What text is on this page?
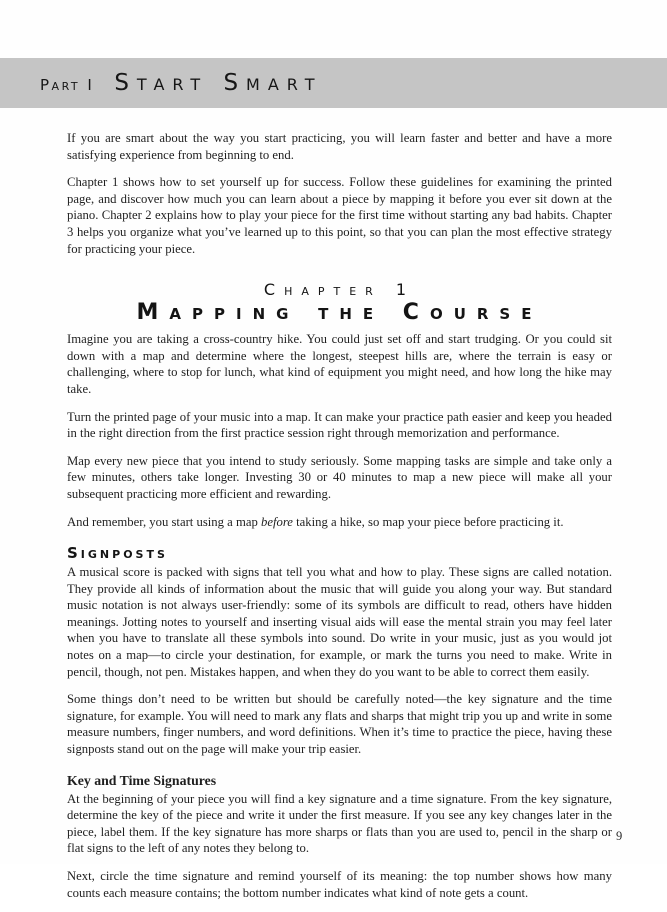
Part I Start Smart

If you are smart about the way you start practicing, you will learn faster and better and have a more satisfying experience from beginning to end.

Chapter 1 shows how to set yourself up for success. Follow these guidelines for examining the printed page, and discover how much you can learn about a piece by mapping it before you ever sit down at the piano. Chapter 2 explains how to play your piece for the first time without starting any bad habits. Chapter 3 helps you organize what you’ve learned up to this point, so that you can plan the most effective strategy for practicing your piece.

Chapter 1
Mapping the Course

Imagine you are taking a cross-country hike. You could just set off and start trudging. Or you could sit down with a map and determine where the longest, steepest hills are, where the terrain is easy or challenging, where to stop for lunch, what kind of equipment you might need, and how long the hike may take.

Turn the printed page of your music into a map. It can make your practice path easier and keep you headed in the right direction from the first practice session right through memorization and performance.

Map every new piece that you intend to study seriously. Some mapping tasks are simple and take only a few minutes, others take longer. Investing 30 or 40 minutes to map a new piece will make all your subsequent practicing more efficient and rewarding.

And remember, you start using a map before taking a hike, so map your piece before practicing it.

Signposts

A musical score is packed with signs that tell you what and how to play. These signs are called notation. They provide all kinds of information about the music that will guide you along your way. But standard music notation is not always user-friendly: some of its symbols are difficult to read, others have hidden meanings. Jotting notes to yourself and inserting visual aids will ease the mental strain you may feel later when you have to translate all these symbols into sound. Do write in your music, just as you would jot notes on a map—to circle your destination, for example, or mark the turns you need to make. Write in pencil, though, not pen. Mistakes happen, and when they do you want to be able to correct them easily.

Some things don’t need to be written but should be carefully noted—the key signature and the time signature, for example. You will need to mark any flats and sharps that might trip you up and write in some measure numbers, finger numbers, and word definitions. When it’s time to practice the piece, having these signposts stand out on the page will make your trip easier.

Key and Time Signatures

At the beginning of your piece you will find a key signature and a time signature. From the key signature, determine the key of the piece and write it under the first measure. If you see any key changes later in the piece, label them. If the key signature has more sharps or flats than you are used to, pencil in the sharp or flat signs to the left of any notes they belong to.

Next, circle the time signature and remind yourself of its meaning: the top number shows how many counts each measure contains; the bottom number indicates what kind of note gets a count.

9
